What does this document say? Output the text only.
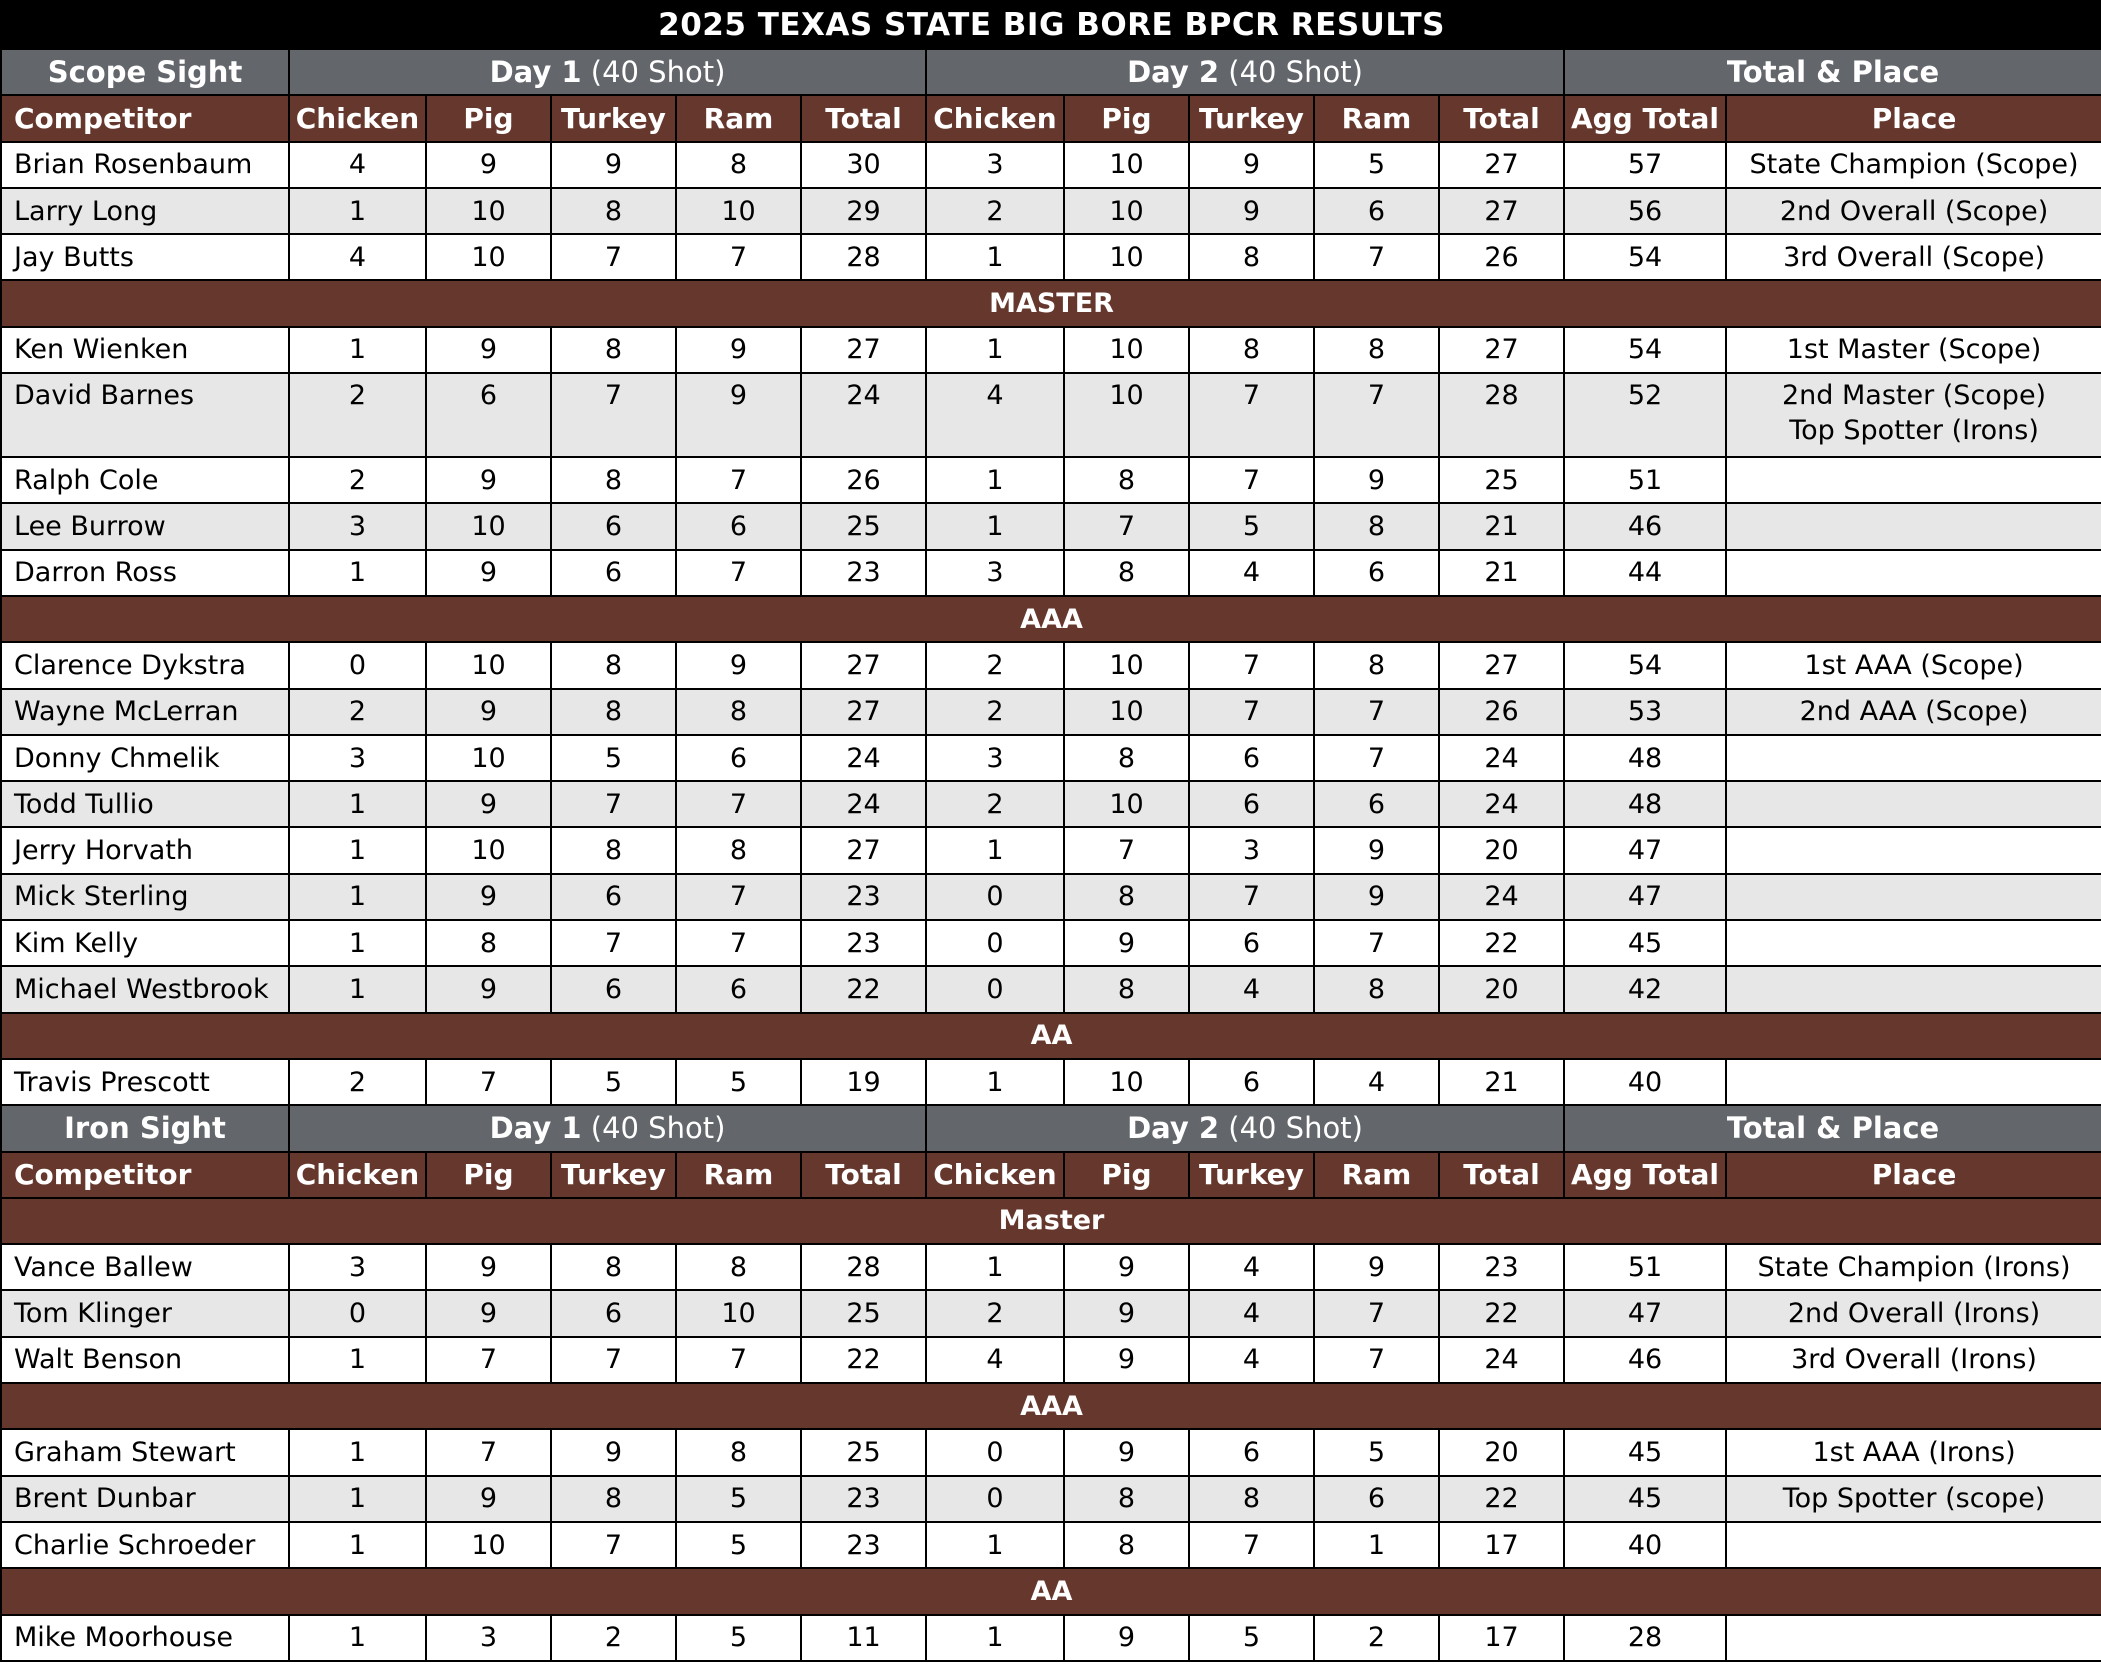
2025 TEXAS STATE BIG BORE BPCR RESULTS												
Scope Sight	Day 1 (40 Shot)					Day 2 (40 Shot)					Total & Place	
Competitor	Chicken	Pig	Turkey	Ram	Total	Chicken	Pig	Turkey	Ram	Total	Agg Total	Place
Brian Rosenbaum	4	9	9	8	30	3	10	9	5	27	57	State Champion (Scope)

Larry Long	1	10	8	10	29	2	10	9	6	27	56	2nd Overall (Scope)

Jay Butts	4	10	7	7	28	1	10	8	7	26	54	3rd Overall (Scope)

MASTER												
Ken Wienken	1	9	8	9	27	1	10	8	8	27	54	1st Master (Scope)

David Barnes	2	6	7	9	24	4	10	7	7	28	52	2nd Master (Scope)
Top Spotter (Irons)

Ralph Cole	2	9	8	7	26	1	8	7	9	25	51	

Lee Burrow	3	10	6	6	25	1	7	5	8	21	46	

Darron Ross	1	9	6	7	23	3	8	4	6	21	44	

AAA												
Clarence Dykstra	0	10	8	9	27	2	10	7	8	27	54	1st AAA (Scope)

Wayne McLerran	2	9	8	8	27	2	10	7	7	26	53	2nd AAA (Scope)

Donny Chmelik	3	10	5	6	24	3	8	6	7	24	48	

Todd Tullio	1	9	7	7	24	2	10	6	6	24	48	

Jerry Horvath	1	10	8	8	27	1	7	3	9	20	47	

Mick Sterling	1	9	6	7	23	0	8	7	9	24	47	

Kim Kelly	1	8	7	7	23	0	9	6	7	22	45	

Michael Westbrook	1	9	6	6	22	0	8	4	8	20	42	

AA												
Travis Prescott	2	7	5	5	19	1	10	6	4	21	40	

Iron Sight	Day 1 (40 Shot)					Day 2 (40 Shot)					Total & Place	
Competitor	Chicken	Pig	Turkey	Ram	Total	Chicken	Pig	Turkey	Ram	Total	Agg Total	Place
Master												
Vance Ballew	3	9	8	8	28	1	9	4	9	23	51	State Champion (Irons)

Tom Klinger	0	9	6	10	25	2	9	4	7	22	47	2nd Overall (Irons)

Walt Benson	1	7	7	7	22	4	9	4	7	24	46	3rd Overall (Irons)

AAA												
Graham Stewart	1	7	9	8	25	0	9	6	5	20	45	1st AAA (Irons)

Brent Dunbar	1	9	8	5	23	0	8	8	6	22	45	Top Spotter (scope)

Charlie Schroeder	1	10	7	5	23	1	8	7	1	17	40	

AA												
Mike Moorhouse	1	3	2	5	11	1	9	5	2	17	28	
